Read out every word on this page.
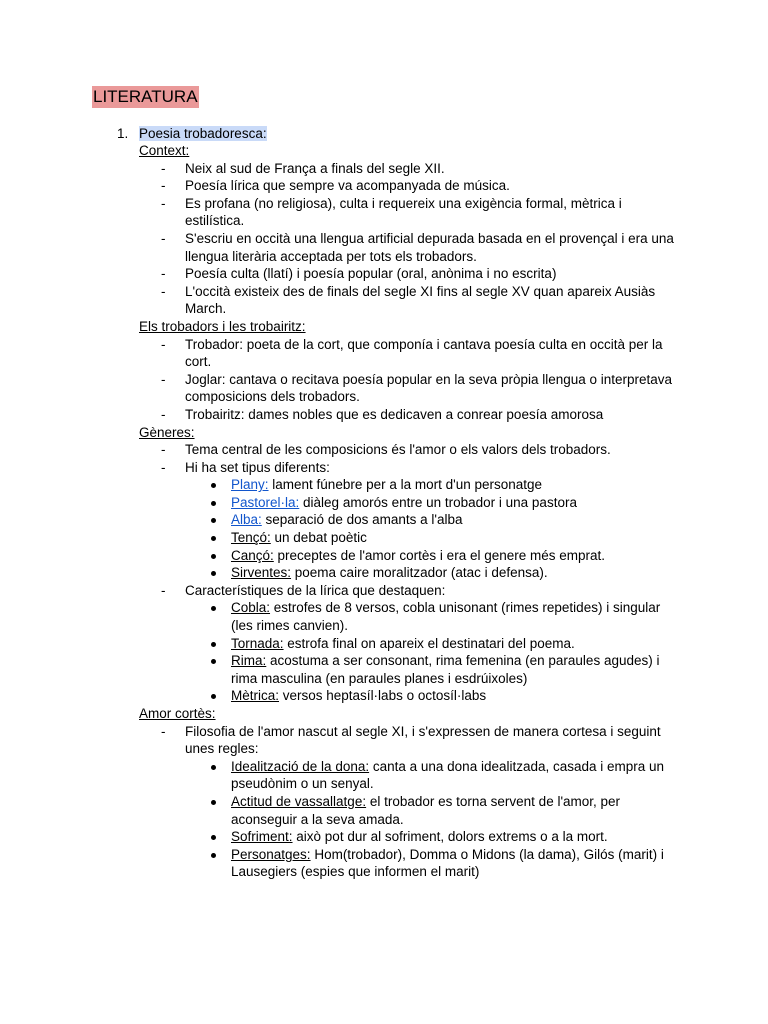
LITERATURA
1. Poesia trobadoresca:
Context:
- Neix al sud de França a finals del segle XII.
- Poesía lírica que sempre va acompanyada de música.
- Es profana (no religiosa), culta i requereix una exigència formal, mètrica i estilística.
- S'escriu en occità una llengua artificial depurada basada en el provençal i era una llengua literària acceptada per tots els trobadors.
- Poesía culta (llatí) i poesía popular (oral, anònima i no escrita)
- L'occità existeix des de finals del segle XI fins al segle XV quan apareix Ausiàs March.
Els trobadors i les trobairitz:
- Trobador: poeta de la cort, que componía i cantava poesía culta en occità per la cort.
- Joglar: cantava o recitava poesía popular en la seva pròpia llengua o interpretava composicions dels trobadors.
- Trobairitz: dames nobles que es dedicaven a conrear poesía amorosa
Gèneres:
- Tema central de les composicions és l'amor o els valors dels trobadors.
- Hi ha set tipus diferents:
Plany: lament fúnebre per a la mort d'un personatge
Pastorel·la: diàleg amorós entre un trobador i una pastora
Alba: separació de dos amants a l'alba
Tençó: un debat poètic
Cançó: preceptes de l'amor cortès i era el genere més emprat.
Sirventes: poema caire moralitzador (atac i defensa).
- Característiques de la lírica que destaquen:
Cobla: estrofes de 8 versos, cobla unisonant (rimes repetides) i singular (les rimes canvien).
Tornada: estrofa final on apareix el destinatari del poema.
Rima: acostuma a ser consonant, rima femenina (en paraules agudes) i rima masculina (en paraules planes i esdrúixoles)
Mètrica: versos heptasíl·labs o octosíl·labs
Amor cortès:
- Filosofia de l'amor nascut al segle XI, i s'expressen de manera cortesa i seguint unes regles:
Idealització de la dona: canta a una dona idealitzada, casada i empra un pseudònim o un senyal.
Actitud de vassallatge: el trobador es torna servent de l'amor, per aconseguir a la seva amada.
Sofriment: això pot dur al sofriment, dolors extrems o a la mort.
Personatges: Hom(trobador), Domma o Midons (la dama), Gilós (marit) i Lausegiers (espies que informen el marit)
